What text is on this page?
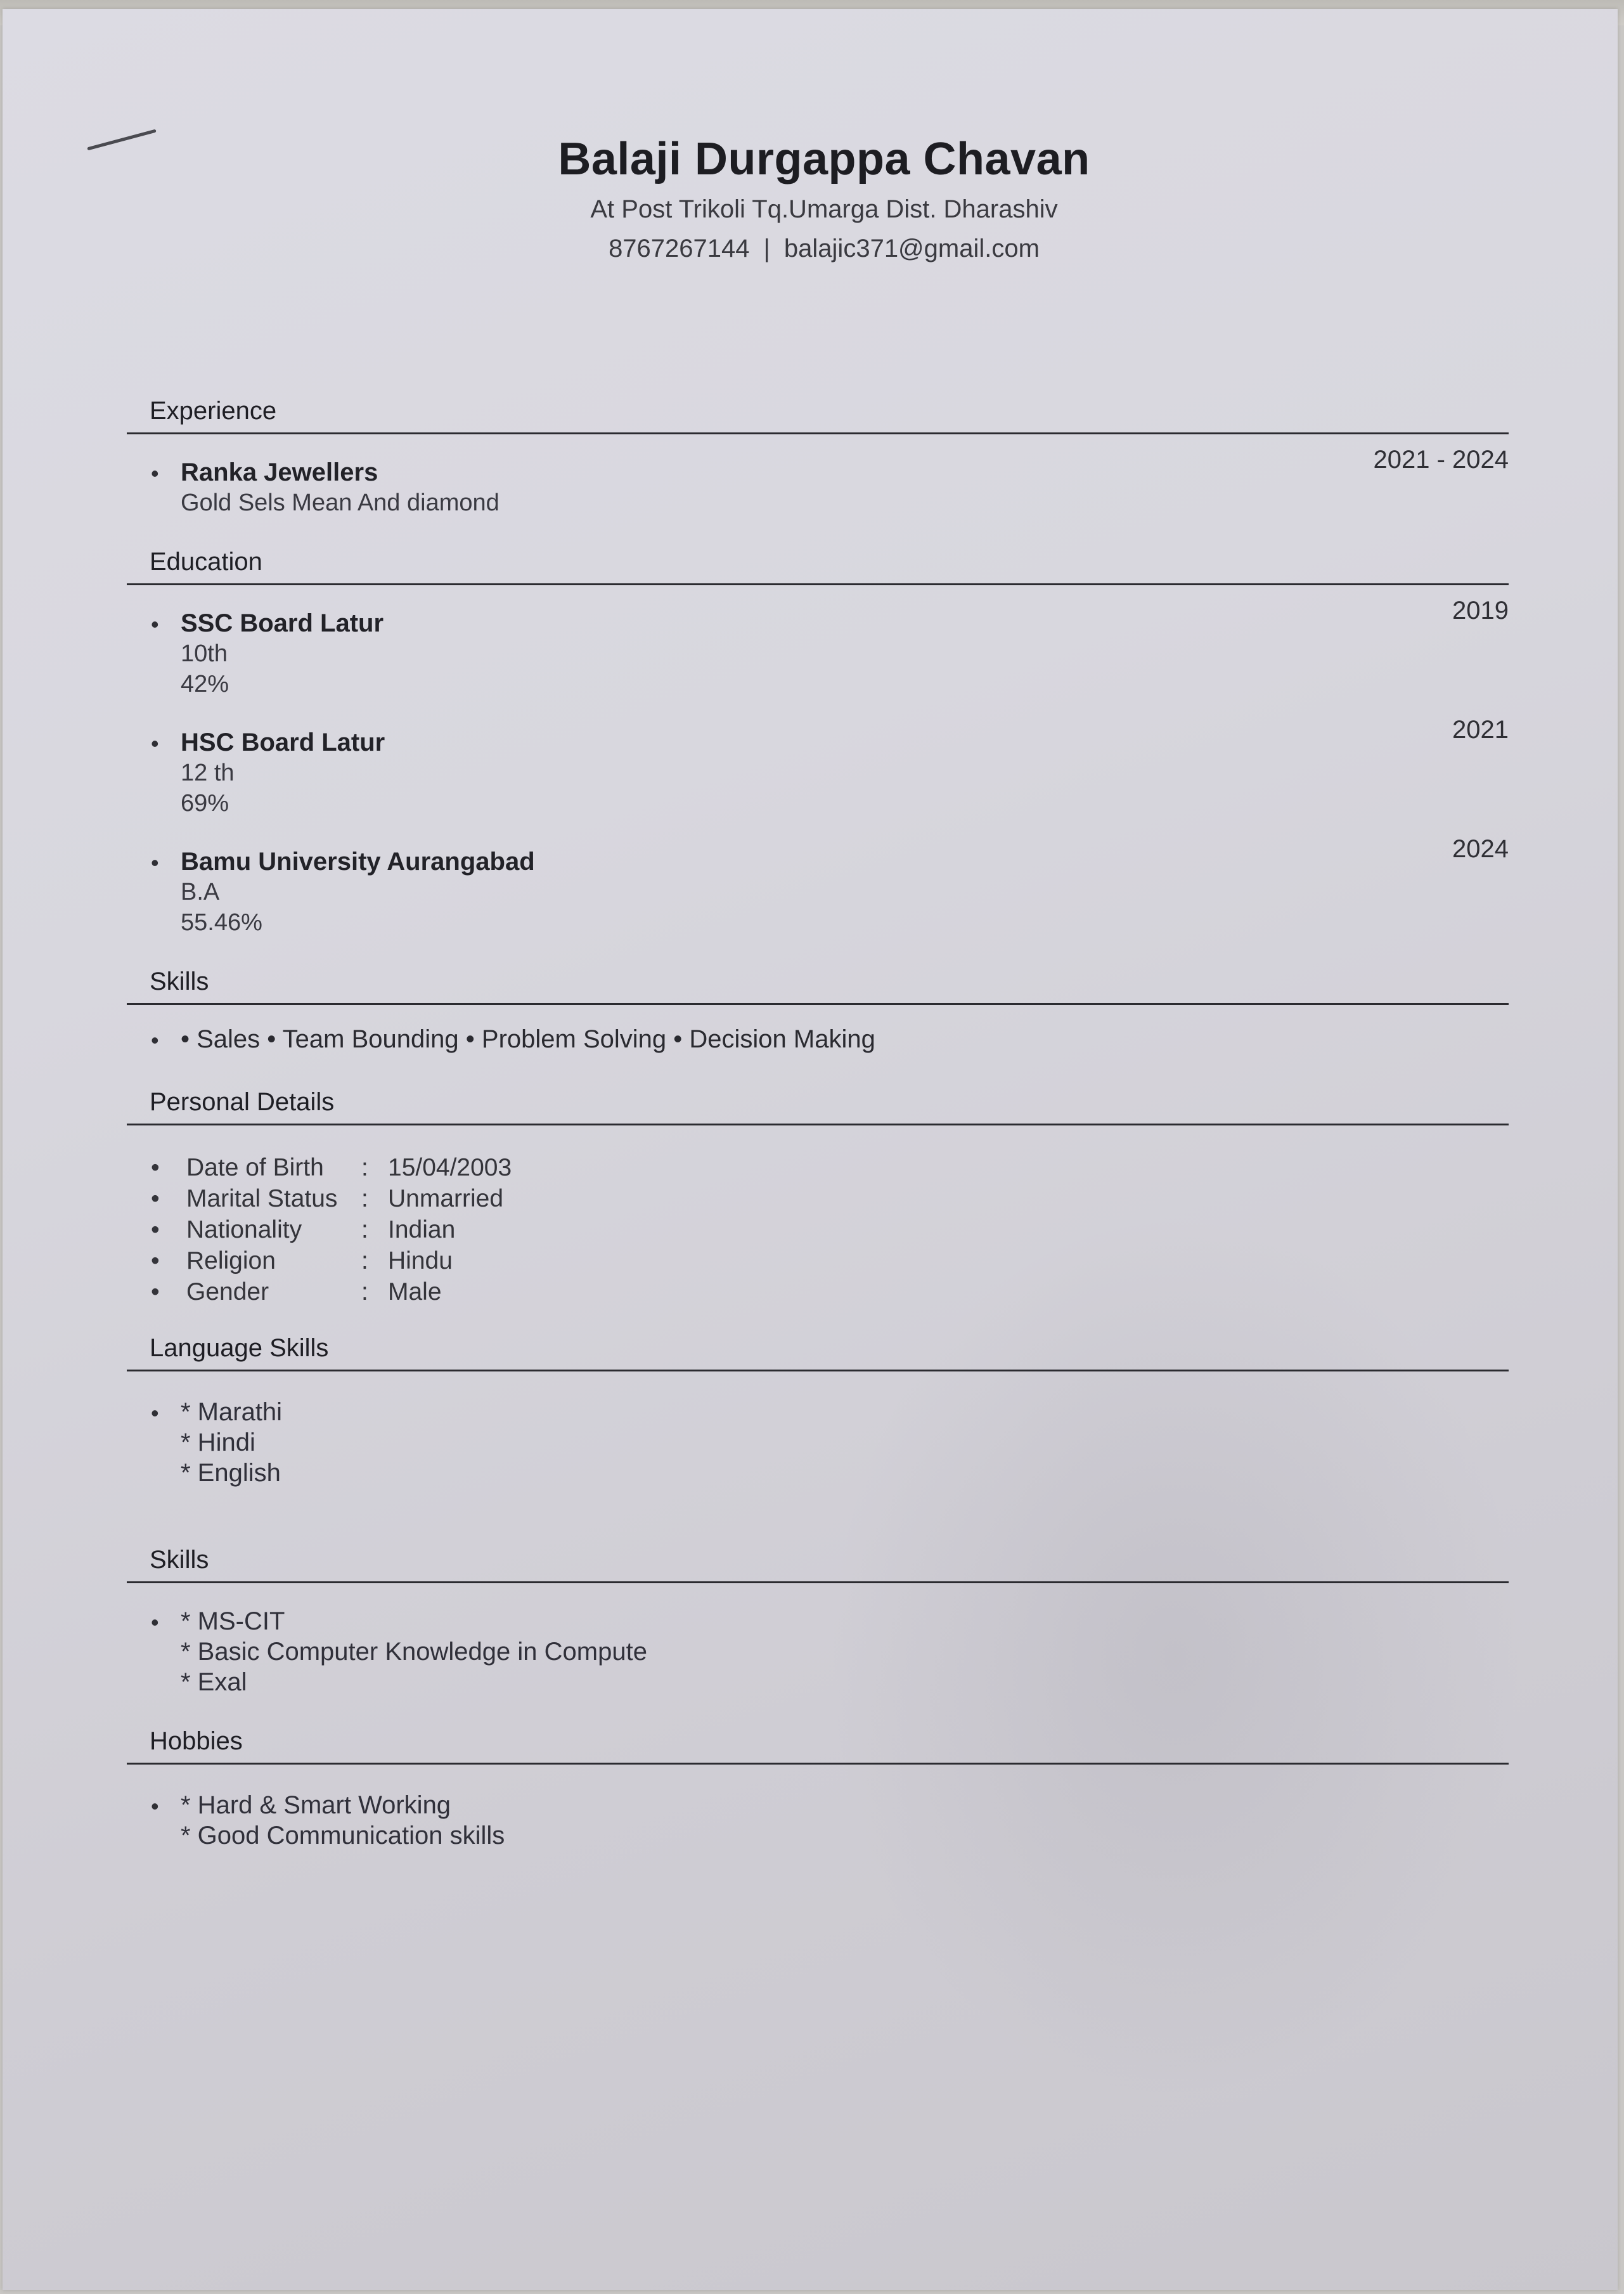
Balaji Durgappa Chavan
At Post Trikoli Tq.Umarga Dist. Dharashiv
8767267144 | balajic371@gmail.com
Experience
• Ranka Jewellers
Gold Sels Mean And diamond
2021 - 2024
Education
• SSC Board Latur
10th
42%
2019
• HSC Board Latur
12 th
69%
2021
• Bamu University Aurangabad
B.A
55.46%
2024
Skills
• • Sales • Team Bounding • Problem Solving • Decision Making
Personal Details
• Date of Birth : 15/04/2003
• Marital Status : Unmarried
• Nationality : Indian
• Religion	: Hindu
• Gender	: Male
Language Skills
• * Marathi
* Hindi
* English
Skills
• * MS-CIT
* Basic Computer Knowledge in Compute
* Exal
Hobbies
• * Hard & Smart Working
* Good Communication skills
